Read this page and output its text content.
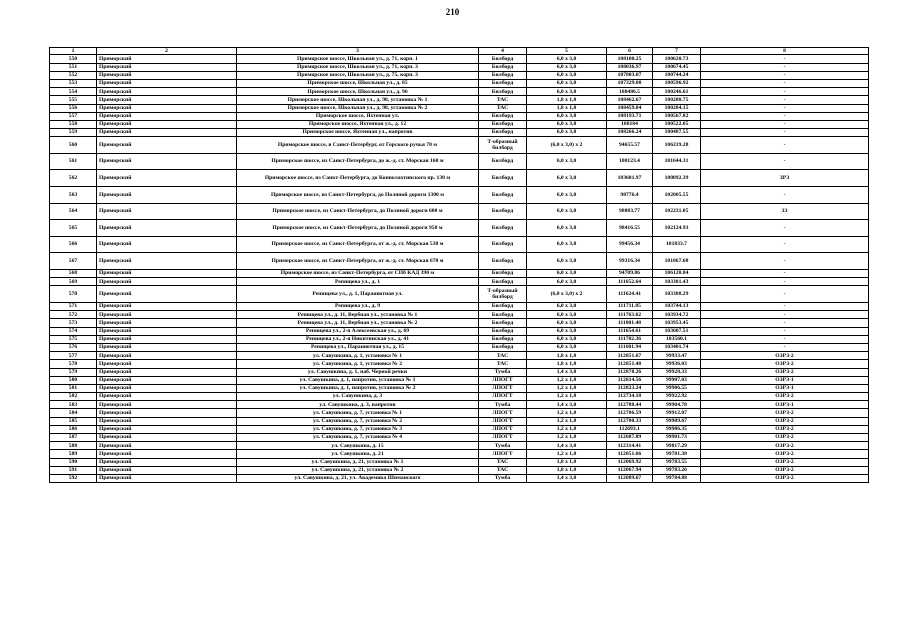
210
1	2	3	4	5	6	7	8
550	Приморский	Приморское шоссе, Школьная ул., д. 71, корп. 1	Билборд	6,0 x 3,0	108100.25	100620.73	-
551	Приморский	Приморское шоссе, Школьная ул., д. 71, корп. 3	Билборд	6,0 x 3,0	108036.97	100674.45	-
552	Приморский	Приморское шоссе, Школьная ул., д. 75, корп. 3	Билборд	6,0 x 3,0	107803.07	100744.24	-
553	Приморский	Приморское шоссе, Школьная ул., д. 85	Билборд	6,0 x 3,0	107329.08	100596.92	-
554	Приморский	Приморское шоссе, Школьная ул., д. 96	Билборд	6,0 x 3,0	108486.5	100246.61	-
555	Приморский	Приморское шоссе, Школьная ул., д. 98, установка № 1	ТАС	1,8 x 1,8	108462.67	100280.75	-
556	Приморский	Приморское шоссе, Школьная ул., д. 98, установка № 2	ТАС	1,8 x 1,8	108459.04	100284.15	-
557	Приморский	Приморское шоссе, Яхтенная ул.	Билборд	6,0 x 3,0	108193.71	100567.82	-
558	Приморский	Приморское шоссе, Яхтенная ул., д. 12	Билборд	6,0 x 3,0	108184	100522.05	-
559	Приморский	Приморское шоссе, Яхтенная ул., напротив	Билборд	6,0 x 3,0	108266.24	100487.55	-
560	Приморский	Приморское шоссе, в Санкт-Петербург, от Горского ручья 70 м	Т-образный билборд	(6,0 x 3,0) x 2	94655.57	106219.28	-
561	Приморский	Приморское шоссе, из Санкт-Петербурга, до ж.-д. ст. Морская 160 м	Билборд	6,0 x 3,0	100123.4	101644.31	-
562	Приморский	Приморское шоссе, из Санкт-Петербурга, до Коннолахтинского пр. 130 м	Билборд	6,0 x 3,0	103601.97	100892.39	ЗРЗ
563	Приморский	Приморское шоссе, из Санкт-Петербурга, до Поляной дороги 1300 м	Билборд	6,0 x 3,0	98776.4	102005.55	-
564	Приморский	Приморское шоссе, из Санкт-Петербурга, до Поляной дороги 600 м	Билборд	6,0 x 3,0	98083.77	102231.05	ЗЗ
565	Приморский	Приморское шоссе, из Санкт-Петербурга, до Поляной дороги 950 м	Билборд	6,0 x 3,0	98416.55	102124.93	-
566	Приморский	Приморское шоссе, из Санкт-Петербурга, от ж.-д. ст. Морская 530 м	Билборд	6,0 x 3,0	99456.34	101833.7	-
567	Приморский	Приморское шоссе, из Санкт-Петербурга, от ж.-д. ст. Морская 670 м	Билборд	6,0 x 3,0	99316.34	101867.68	-
568	Приморский	Приморское шоссе, из Санкт-Петербурга, от СПб КАД 390 м	Билборд	6,0 x 3,0	94709.86	106120.84	-
569	Приморский	Репищева ул., д. 1	Билборд	6,0 x 3,0	111652.64	103381.43	-
570	Приморский	Репищева ул., д. 1, Парашютная ул.	Т-образный билборд	(6,0 x 3,0) x 2	111624.41	103388.29	-
571	Приморский	Репищева ул., д. 9	Билборд	6,0 x 3,0	111711.85	103744.13	-
572	Приморский	Репищева ул., д. 11, Вербная ул., установка № 1	Билборд	6,0 x 3,0	111763.62	103934.72	-
573	Приморский	Репищева ул., д. 11, Вербная ул., установка № 2	Билборд	6,0 x 3,0	111801.48	103953.45	-
574	Приморский	Репищева ул., 2-я Алексеевская ул., д. 69	Билборд	6,0 x 3,0	111654.61	103607.51	-
575	Приморский	Репищева ул., 2-я Никитинская ул., д. 41	Билборд	6,0 x 3,0	111702.36	103560.1	-
576	Приморский	Репищева ул., Парашютная ул., д. 15	Билборд	6,0 x 3,0	111601.94	103401.74	-
577	Приморский	ул. Савушкина, д. 1, установка № 1	ТАС	1,8 x 1,8	112851.67	99933.47	ОЗРЗ-2
578	Приморский	ул. Савушкина, д. 1, установка № 2	ТАС	1,8 x 1,8	112851.48	99936.03	ОЗРЗ-2
579	Приморский	ул. Савушкина, д. 1, наб. Черной речки	Тумба	1,4 x 3,0	112878.26	99928.33	ОЗРЗ-2
580	Приморский	ул. Савушкина, д. 1, напротив, установка № 1	ЛПОГТ	1,2 x 1,8	112814.56	99907.03	ОЗРЗ-1
581	Приморский	ул. Савушкина, д. 1, напротив, установка № 2	ЛПОГТ	1,2 x 1,8	112823.24	99906.55	ОЗРЗ-1
582	Приморский	ул. Савушкина, д. 3	ЛПОГТ	1,2 x 1,8	112734.18	99922.92	ОЗРЗ-2
583	Приморский	ул. Савушкина, д. 3, напротив	Тумба	1,4 x 3,0	112788.44	99904.78	ОЗРЗ-1
584	Приморский	ул. Савушкина, д. 7, установка № 1	ЛПОГТ	1,2 x 1,8	112706.59	99912.07	ОЗРЗ-2
585	Приморский	ул. Савушкина, д. 7, установка № 2	ЛПОГТ	1,2 x 1,8	112700.33	99909.67	ОЗРЗ-2
586	Приморский	ул. Савушкина, д. 7, установка № 3	ЛПОГТ	1,2 x 1,8	112693.1	99906.35	ОЗРЗ-2
587	Приморский	ул. Савушкина, д. 7, установка № 4	ЛПОГТ	1,2 x 1,8	112687.89	99901.73	ОЗРЗ-2
588	Приморский	ул. Савушкина, д. 15	Тумба	1,4 x 3,0	112314.41	99817.29	ОЗРЗ-2
589	Приморский	ул. Савушкина, д. 21	ЛПОГТ	1,2 x 1,8	112051.66	99781.38	ОЗРЗ-2
590	Приморский	ул. Савушкина, д. 21, установка № 1	ТАС	1,8 x 1,8	112069.92	99783.55	ОЗРЗ-2
591	Приморский	ул. Савушкина, д. 21, установка № 2	ТАС	1,8 x 1,8	112067.94	99783.26	ОЗРЗ-2
592	Приморский	ул. Савушкина, д. 21, ул. Академика Шиманского	Тумба	1,4 x 3,0	112089.67	99784.88	ОЗРЗ-2
